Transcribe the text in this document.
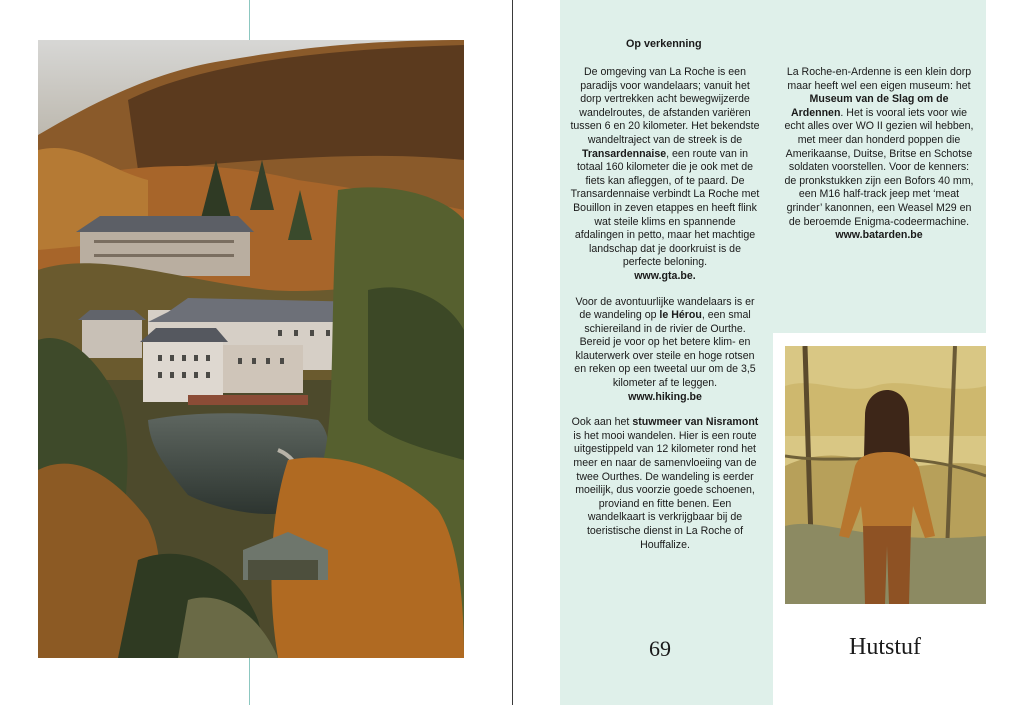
Op verkenning

De omgeving van La Roche is een paradijs voor wandelaars; vanuit het dorp vertrekken acht bewegwijzerde wandelroutes, de afstanden variëren tussen 6 en 20 kilometer. Het bekendste wandeltraject van de streek is de Transardennaise, een route van in totaal 160 kilometer die je ook met de fiets kan afleggen, of te paard. De Transardennaise verbindt La Roche met Bouillon in zeven etappes en heeft flink wat steile klims en spannende afdalingen in petto, maar het machtige landschap dat je doorkruist is de perfecte beloning.
www.gta.be.

Voor de avontuurlijke wandelaars is er de wandeling op le Hérou, een smal schiereiland in de rivier de Ourthe. Bereid je voor op het betere klim- en klauterwerk over steile en hoge rotsen en reken op een tweetal uur om de 3,5 kilometer af te leggen.
www.hiking.be

Ook aan het stuwmeer van Nisramont is het mooi wandelen. Hier is een route uitgestippeld van 12 kilometer rond het meer en naar de samenvloeiing van de twee Ourthes. De wandeling is eerder moeilijk, dus voorzie goede schoenen, proviand en fitte benen. Een wandelkaart is verkrijgbaar bij de toeristische dienst in La Roche of Houffalize.

La Roche-en-Ardenne is een klein dorp maar heeft wel een eigen museum: het Museum van de Slag om de Ardennen. Het is vooral iets voor wie echt alles over WO II gezien wil hebben, met meer dan honderd poppen die Amerikaanse, Duitse, Britse en Schotse soldaten voorstellen. Voor de kenners: de pronkstukken zijn een Bofors 40 mm, een M16 half-track jeep met ‘meat grinder’ kanonnen, een Weasel M29 en de beroemde Enigma-codeermachine.
www.batarden.be

69	Hutstuf
